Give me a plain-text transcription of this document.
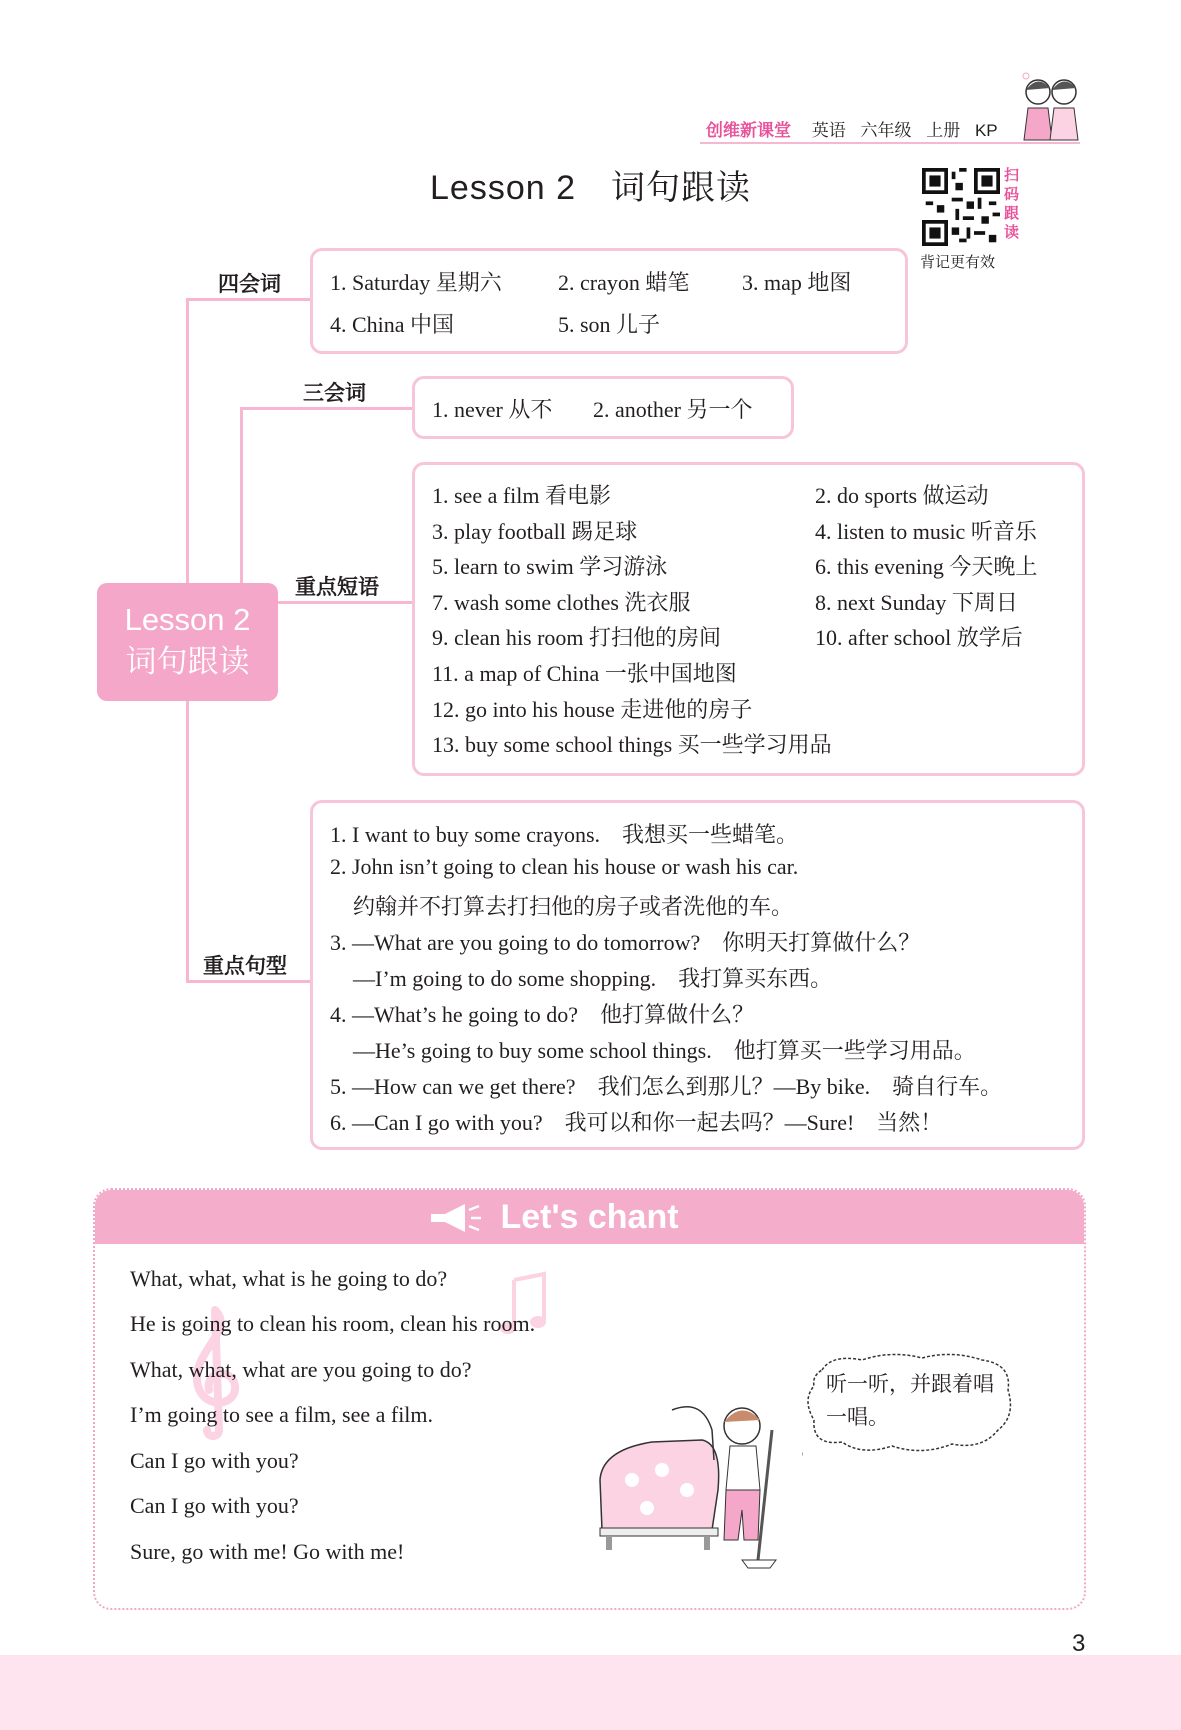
创维新课堂 英语 六年级 上册 KP
Lesson 2　词句跟读	扫
码
跟
读
背记更有效
四会词 1. Saturday 星期六	2. crayon 蜡笔 3. map 地图
4. China 中国	5. son 儿子
三会词
1. never 从不 2. another 另一个
重点短语
1. see a film 看电影	2. do sports 做运动
3. play football 踢足球	4. listen to music 听音乐
5. learn to swim 学习游泳	6. this evening 今天晚上
7. wash some clothes 洗衣服	8. next Sunday 下周日
9. clean his room 打扫他的房间	10. after school 放学后
11. a map of China 一张中国地图
12. go into his house 走进他的房子
13. buy some school things 买一些学习用品
Lesson 2
词句跟读
重点句型
1. I want to buy some crayons.　我想买一些蜡笔。
2. John isn’t going to clean his house or wash his car.
约翰并不打算去打扫他的房子或者洗他的车。
3. —What are you going to do tomorrow?　你明天打算做什么？
—I’m going to do some shopping.　我打算买东西。
4. —What’s he going to do?　他打算做什么？
—He’s going to buy some school things.　他打算买一些学习用品。
5. —How can we get there?　我们怎么到那儿？—By bike.　骑自行车。
6. —Can I go with you?　我可以和你一起去吗？—Sure!　当然！
Let's chant
What, what, what is he going to do?
He is going to clean his room, clean his room.
What, what, what are you going to do?
I’m going to see a film, see a film.
Can I go with you?
Can I go with you?
Sure, go with me! Go with me!
听一听，并跟着唱一唱。
3
